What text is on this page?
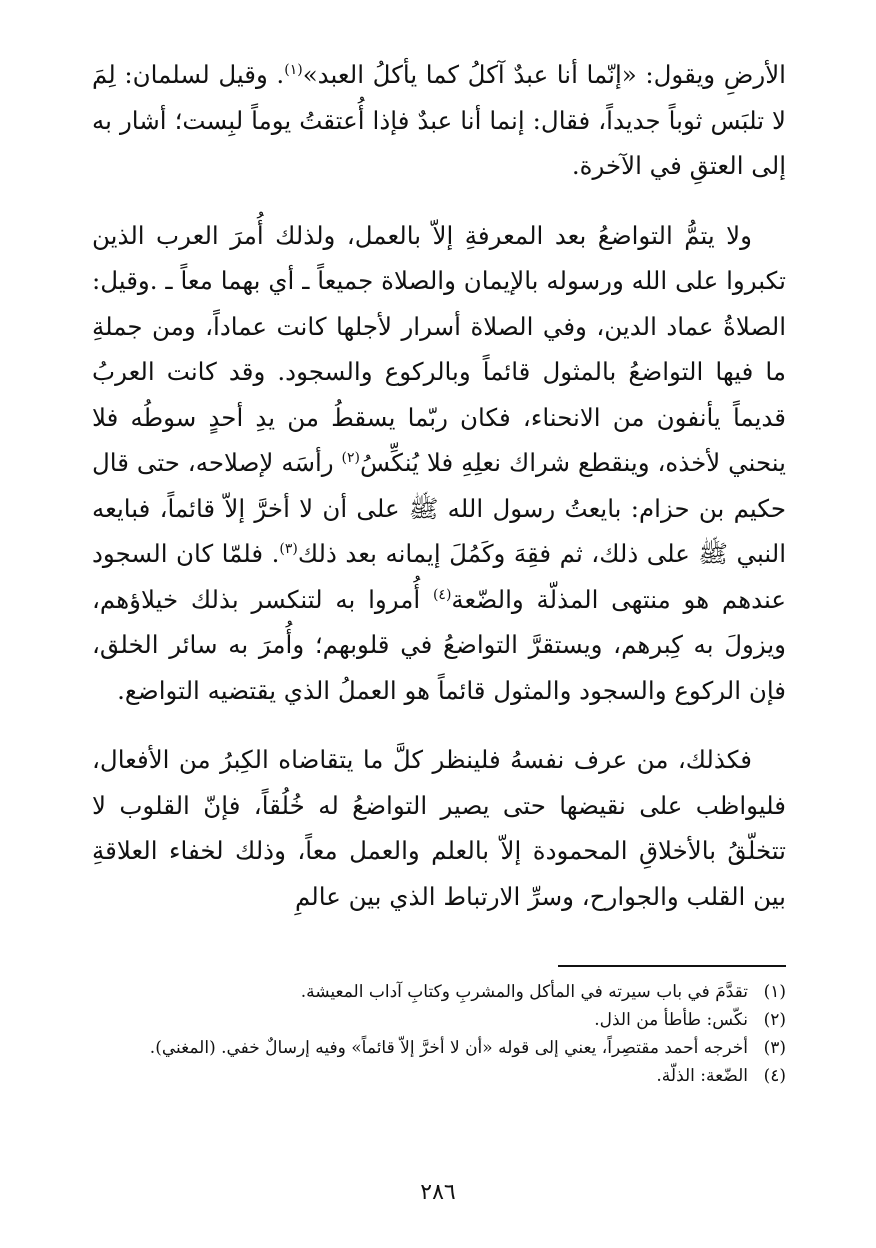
الأرضِ ويقول: «إنّما أنا عبدٌ آكلُ كما يأكلُ العبد»$^{(١)}$. وقيل لسلمان: لِمَ لا تلبَس ثوباً جديداً، فقال: إنما أنا عبدٌ فإذا أُعتقتُ يوماً لبِست؛ أشار به إلى العتقِ في الآخرة.

ولا يتمُّ التواضعُ بعد المعرفةِ إلاّ بالعمل، ولذلك أُمرَ العرب الذين تكبروا على الله ورسوله بالإيمان والصلاة جميعاً ـ أي بهما معاً ـ .وقيل: الصلاةُ عماد الدين، وفي الصلاة أسرار لأجلها كانت عماداً، ومن جملةِ ما فيها التواضعُ بالمثول قائماً وبالركوع والسجود. وقد كانت العربُ قديماً يأنفون من الانحناء، فكان ربّما يسقطُ من يدِ أحدٍ سوطُه فلا ينحني لأخذه، وينقطع شراك نعلِهِ فلا يُنكِّسُ$^{(٢)}$ رأسَه لإصلاحه، حتى قال حكيم بن حزام: بايعتُ رسول الله ﷺ على أن لا أخرَّ إلاّ قائماً، فبايعه النبي ﷺ على ذلك، ثم فقِهَ وكَمُلَ إيمانه بعد ذلك$^{(٣)}$. فلمّا كان السجود عندهم هو منتهى المذلّة والضّعة$^{(٤)}$ أُمروا به لتنكسر بذلك خيلاؤهم، ويزولَ به كِبرهم، ويستقرَّ التواضعُ في قلوبهم؛ وأُمرَ به سائر الخلق، فإن الركوع والسجود والمثول قائماً هو العملُ الذي يقتضيه التواضع.

فكذلك، من عرف نفسهُ فلينظر كلَّ ما يتقاضاه الكِبرُ من الأفعال، فليواظب على نقيضها حتى يصير التواضعُ له خُلُقاً، فإنّ القلوب لا تتخلّقُ بالأخلاقِ المحمودة إلاّ بالعلم والعمل معاً، وذلك لخفاء العلاقةِ بين القلب والجوارح، وسرِّ الارتباط الذي بين عالمِ

(١)
تقدَّمَ في باب سيرته في المأكل والمشربِ وكتابِ آداب المعيشة.
(٢)
نكّس: طأطأ من الذل.
(٣)
أخرجه أحمد مقتصِراً، يعني إلى قوله «أن لا أخرَّ إلاّ قائماً» وفيه إرسالٌ خفي. (المغني).
(٤)
الضّعة: الذلّة.
٢٨٦
